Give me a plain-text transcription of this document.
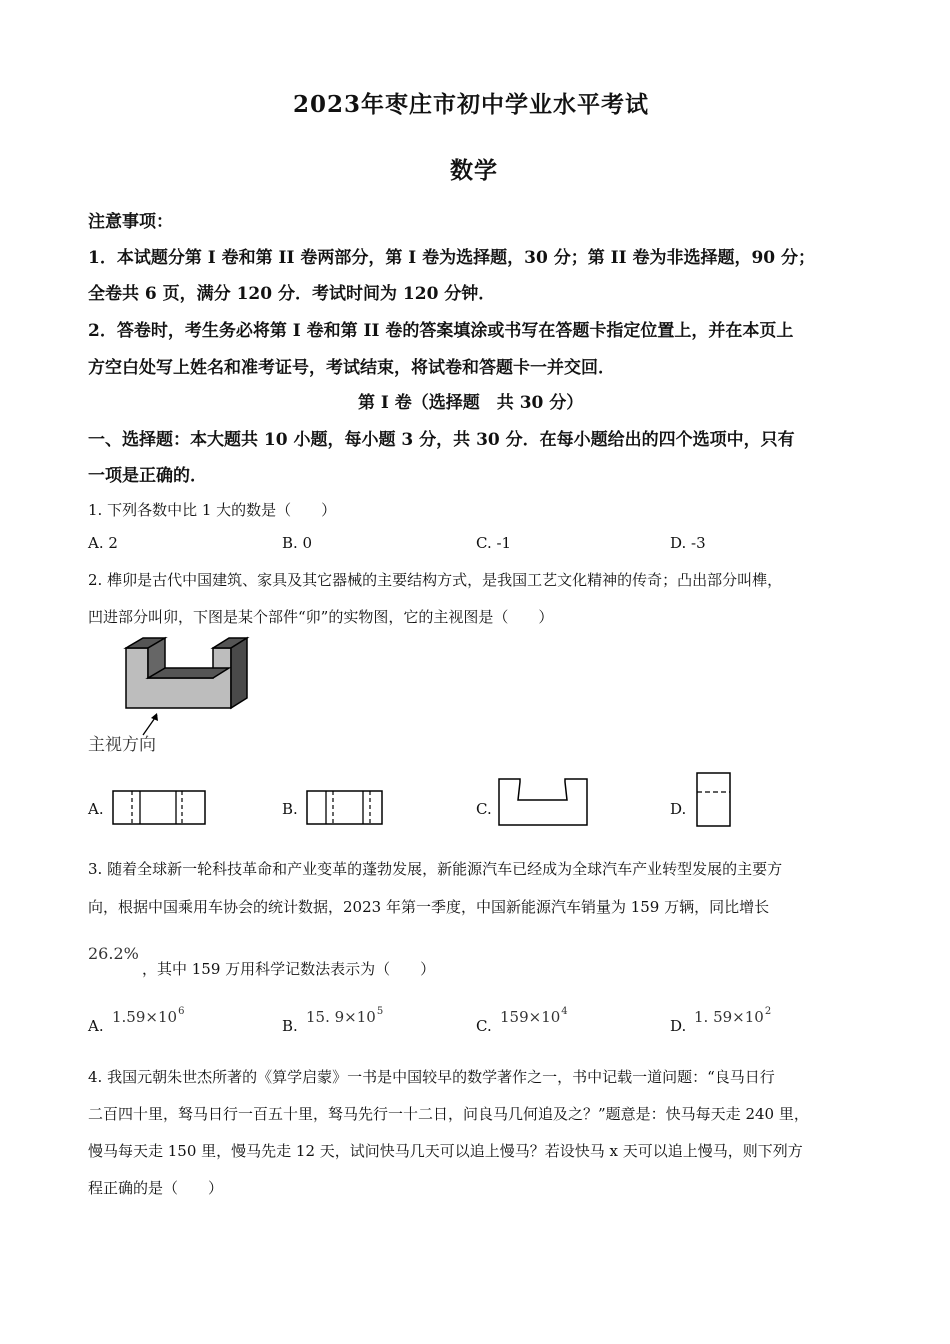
2023年枣庄市初中学业水平考试
数学
注意事项：
1．本试题分第 I 卷和第 II 卷两部分，第 I 卷为选择题，30 分；第 II 卷为非选择题，90 分；
全卷共 6 页，满分 120 分．考试时间为 120 分钟．
2．答卷时，考生务必将第 I 卷和第 II 卷的答案填涂或书写在答题卡指定位置上，并在本页上
方空白处写上姓名和准考证号，考试结束，将试卷和答题卡一并交回．
第 I 卷（选择题　共 30 分）
一、选择题：本大题共 10 小题，每小题 3 分，共 30 分．在每小题给出的四个选项中，只有
一项是正确的．
1. 下列各数中比 1 大的数是（　　）
A. 2	B. 0	C. -1	D. -3
2. 榫卯是古代中国建筑、家具及其它器械的主要结构方式，是我国工艺文化精神的传奇；凸出部分叫榫，
凹进部分叫卯，下图是某个部件“卯”的实物图，它的主视图是（　　）
主视方向
A.	B.	C.	D.
3. 随着全球新一轮科技革命和产业变革的蓬勃发展，新能源汽车已经成为全球汽车产业转型发展的主要方
向，根据中国乘用车协会的统计数据，2023 年第一季度，中国新能源汽车销量为 159 万辆，同比增长
26.2%
，其中 159 万用科学记数法表示为（　　）
A. $1.59\times 10^6$
B. 15. $9\times 10^5$
C. $159\times 10^4$
D. 1. $59\times 10^2$
4. 我国元朝朱世杰所著的《算学启蒙》一书是中国较早的数学著作之一，书中记载一道问题：“良马日行
二百四十里，驽马日行一百五十里，驽马先行一十二日，问良马几何追及之？”题意是：快马每天走 240 里，
慢马每天走 150 里，慢马先走 12 天，试问快马几天可以追上慢马？若设快马 x 天可以追上慢马，则下列方
程正确的是（　　）
